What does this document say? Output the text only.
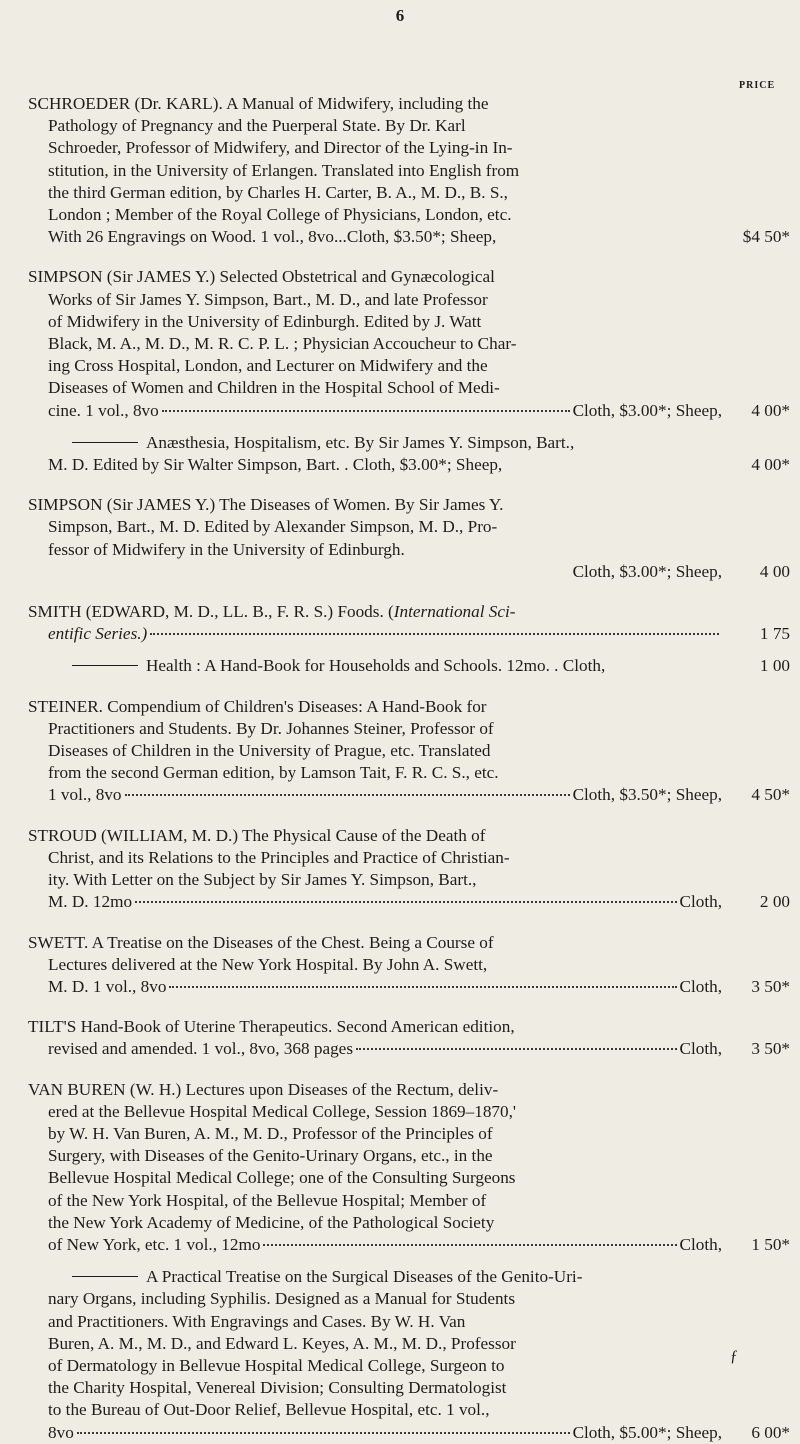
6
PRICE
SCHROEDER (Dr. KARL). A Manual of Midwifery, including the
Pathology of Pregnancy and the Puerperal State. By Dr. Karl
Schroeder, Professor of Midwifery, and Director of the Lying-in In-
stitution, in the University of Erlangen. Translated into English from
the third German edition, by Charles H. Carter, B. A., M. D., B. S.,
London ; Member of the Royal College of Physicians, London, etc.
With 26 Engravings on Wood. 1 vol., 8vo...Cloth, $3.50*; Sheep,	$4 50*
SIMPSON (Sir JAMES Y.) Selected Obstetrical and Gynæcological
Works of Sir James Y. Simpson, Bart., M. D., and late Professor
of Midwifery in the University of Edinburgh. Edited by J. Watt
Black, M. A., M. D., M. R. C. P. L. ; Physician Accoucheur to Char-
ing Cross Hospital, London, and Lecturer on Midwifery and the
Diseases of Women and Children in the Hospital School of Medi-
cine. 1 vol., 8vo	Cloth, $3.00*; Sheep,	4 00*
Anæsthesia, Hospitalism, etc. By Sir James Y. Simpson, Bart.,
M. D. Edited by Sir Walter Simpson, Bart. . Cloth, $3.00*; Sheep,	4 00*
SIMPSON (Sir JAMES Y.) The Diseases of Women. By Sir James Y.
Simpson, Bart., M. D. Edited by Alexander Simpson, M. D., Pro-
fessor of Midwifery in the University of Edinburgh.
Cloth, $3.00*; Sheep,	4 00
SMITH (EDWARD, M. D., LL. B., F. R. S.) Foods. (International Sci-
entific Series.)	1 75
Health : A Hand-Book for Households and Schools. 12mo. . Cloth,	1 00
STEINER. Compendium of Children's Diseases: A Hand-Book for
Practitioners and Students. By Dr. Johannes Steiner, Professor of
Diseases of Children in the University of Prague, etc. Translated
from the second German edition, by Lamson Tait, F. R. C. S., etc.
1 vol., 8vo	Cloth, $3.50*; Sheep,	4 50*
STROUD (WILLIAM, M. D.) The Physical Cause of the Death of
Christ, and its Relations to the Principles and Practice of Christian-
ity. With Letter on the Subject by Sir James Y. Simpson, Bart.,
M. D. 12mo	Cloth,	2 00
SWETT. A Treatise on the Diseases of the Chest. Being a Course of
Lectures delivered at the New York Hospital. By John A. Swett,
M. D. 1 vol., 8vo	Cloth,	3 50*
TILT'S Hand-Book of Uterine Therapeutics. Second American edition,
revised and amended. 1 vol., 8vo, 368 pages	Cloth,	3 50*
VAN BUREN (W. H.) Lectures upon Diseases of the Rectum, deliv-
ered at the Bellevue Hospital Medical College, Session 1869–1870,'
by W. H. Van Buren, A. M., M. D., Professor of the Principles of
Surgery, with Diseases of the Genito-Urinary Organs, etc., in the
Bellevue Hospital Medical College; one of the Consulting Surgeons
of the New York Hospital, of the Bellevue Hospital; Member of
the New York Academy of Medicine, of the Pathological Society
of New York, etc. 1 vol., 12mo	Cloth,	1 50*
A Practical Treatise on the Surgical Diseases of the Genito-Uri-
nary Organs, including Syphilis. Designed as a Manual for Students
and Practitioners. With Engravings and Cases. By W. H. Van
Buren, A. M., M. D., and Edward L. Keyes, A. M., M. D., Professor
of Dermatology in Bellevue Hospital Medical College, Surgeon to
the Charity Hospital, Venereal Division; Consulting Dermatologist
to the Bureau of Out-Door Relief, Bellevue Hospital, etc. 1 vol.,
8vo	Cloth, $5.00*; Sheep,	6 00*
ƒ
